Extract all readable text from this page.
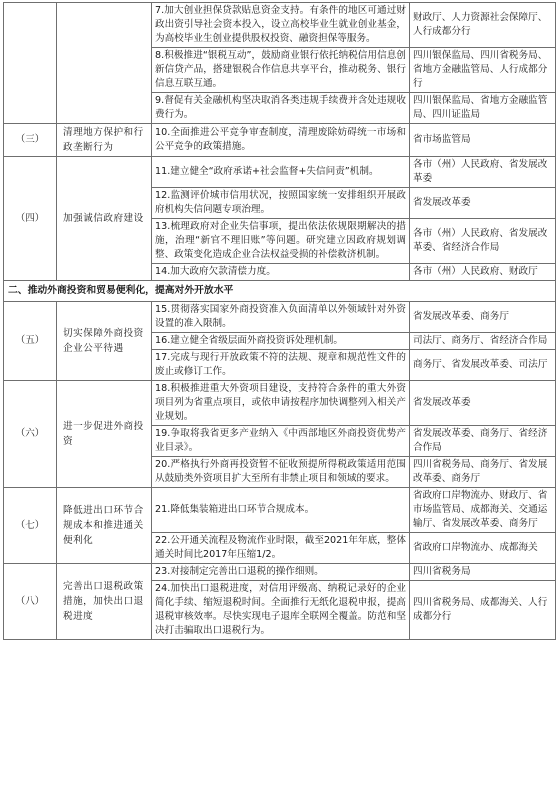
		7.加大创业担保贷款贴息资金支持。有条件的地区可通过财政出资引导社会资本投入，设立高校毕业生就业创业基金，为高校毕业生创业提供股权投资、融资担保等服务。	财政厅、人力资源社会保障厅、人行成都分行
		8.积极推进“银税互动”，鼓励商业银行依托纳税信用信息创新信贷产品，搭建银税合作信息共享平台，推动税务、银行信息互联互通。	四川银保监局、四川省税务局、省地方金融监管局、人行成都分行
		9.督促有关金融机构坚决取消各类违规手续费并含处违规收费行为。	四川银保监局、省地方金融监管局、四川证监局
（三）	清理地方保护和行政垄断行为	10.全面推进公平竞争审查制度，清理废除妨碍统一市场和公平竞争的政策措施。	省市场监管局
（四）	加强诚信政府建设	11.建立健全“政府承诺+社会监督+失信问责”机制。	各市（州）人民政府、省发展改革委
		12.监测评价城市信用状况，按照国家统一安排组织开展政府机构失信问题专项治理。	省发展改革委
		13.梳理政府对企业失信事项，提出依法依规限期解决的措施，治理“新官不理旧账”等问题。研究建立因政府规划调整、政策变化造成企业合法权益受损的补偿救济机制。	各市（州）人民政府、省发展改革委、省经济合作局
		14.加大政府欠款清偿力度。	各市（州）人民政府、财政厅
二、推动外商投资和贸易便利化，提高对外开放水平			
（五）	切实保障外商投资企业公平待遇	15.贯彻落实国家外商投资准入负面清单以外领域针对外资设置的准入限制。	省发展改革委、商务厅
		16.建立健全省级层面外商投资诉处理机制。	司法厅、商务厅、省经济合作局
		17.完成与现行开放政策不符的法规、规章和规范性文件的废止或修订工作。	商务厅、省发展改革委、司法厅
（六）	进一步促进外商投资	18.积极推进重大外资项目建设，支持符合条件的重大外资项目列为省重点项目，或依申请按程序加快调整列入相关产业规划。	省发展改革委
		19.争取将我省更多产业纳入《中西部地区外商投资优势产业目录》。	省发展改革委、商务厅、省经济合作局
		20.严格执行外商再投资暂不征收预提所得税政策适用范围从鼓励类外资项目扩大至所有非禁止项目和领域的要求。	四川省税务局、商务厅、省发展改革委、商务厅
（七）	降低进出口环节合规成本和推进通关便利化	21.降低集装箱进出口环节合规成本。	省政府口岸物流办、财政厅、省市场监管局、成都海关、交通运输厅、省发展改革委、商务厅
		22.公开通关流程及物流作业时限，截至2021年年底，整体通关时间比2017年压缩1/2。	省政府口岸物流办、成都海关
（八）	完善出口退税政策措施，加快出口退税进度	23.对接制定完善出口退税的操作细则。	四川省税务局
		24.加快出口退税进度，对信用评级高、纳税记录好的企业简化手续、缩短退税时间。全面推行无纸化退税申报，提高退税审核效率。尽快实现电子退库全联网全覆盖。防范和坚决打击骗取出口退税行为。	四川省税务局、成都海关、人行成都分行
